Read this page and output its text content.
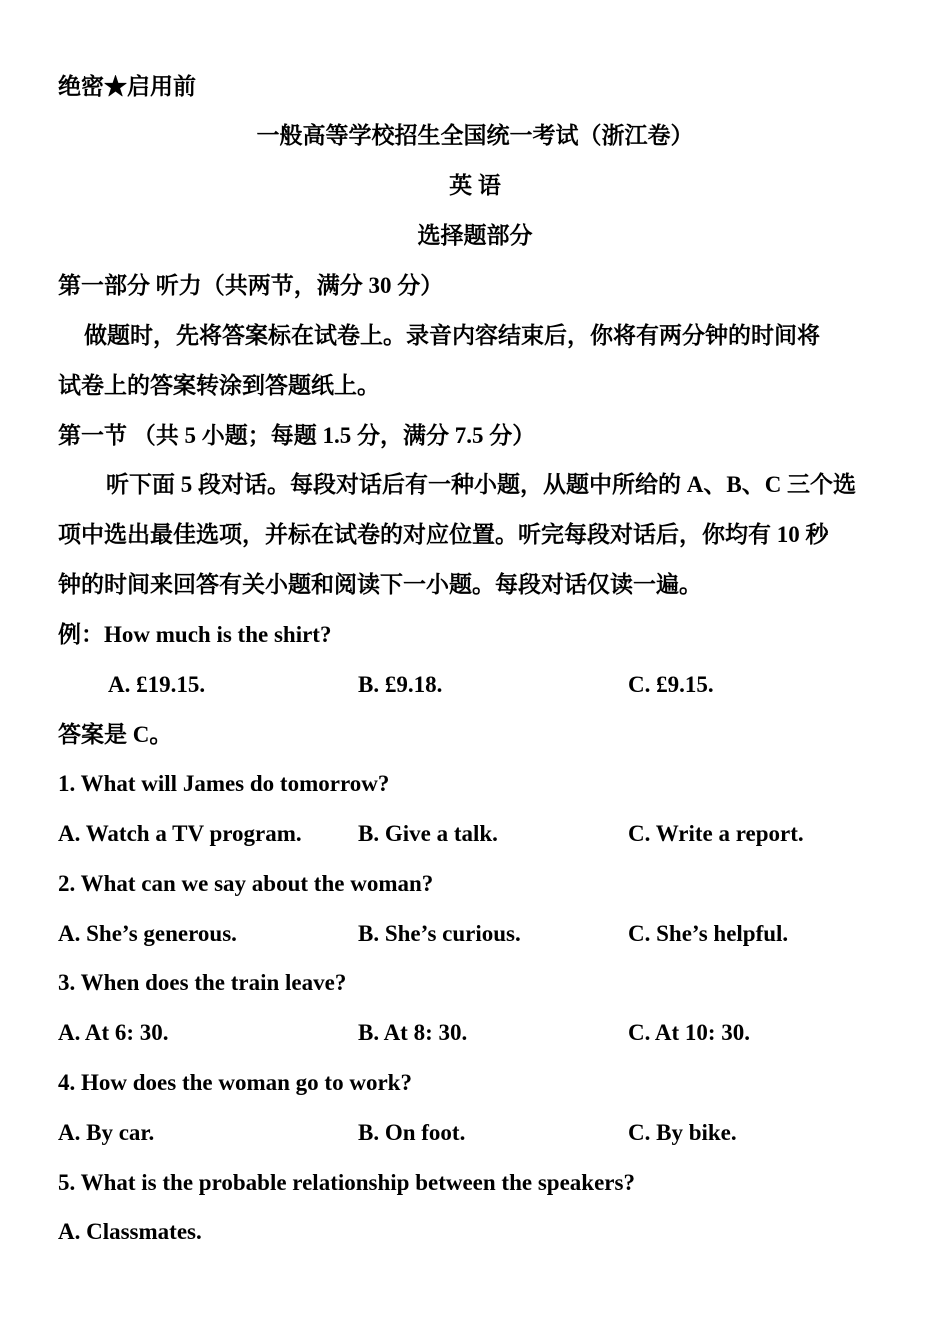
绝密★启用前
一般高等学校招生全国统一考试（浙江卷）
英 语
选择题部分
第一部分 听力（共两节，满分 30 分）
做题时，先将答案标在试卷上。录音内容结束后，你将有两分钟的时间将
试卷上的答案转涂到答题纸上。
第一节 （共 5 小题；每题 1.5 分，满分 7.5 分）
听下面 5 段对话。每段对话后有一种小题，从题中所给的 A、B、C 三个选
项中选出最佳选项，并标在试卷的对应位置。听完每段对话后，你均有 10 秒
钟的时间来回答有关小题和阅读下一小题。每段对话仅读一遍。
例：How much is the shirt?
A. £19.15.	B. £9.18.	C. £9.15.
答案是 C。
1. What will James do tomorrow?
A. Watch a TV program. B. Give a talk.	C. Write a report.
2. What can we say about the woman?
A. She’s generous.	B. She’s curious.	C. She’s helpful.
3. When does the train leave?
A. At 6: 30.	B. At 8: 30.	C. At 10: 30.
4. How does the woman go to work?
A. By car.	B. On foot.	C. By bike.
5. What is the probable relationship between the speakers?
A. Classmates.
